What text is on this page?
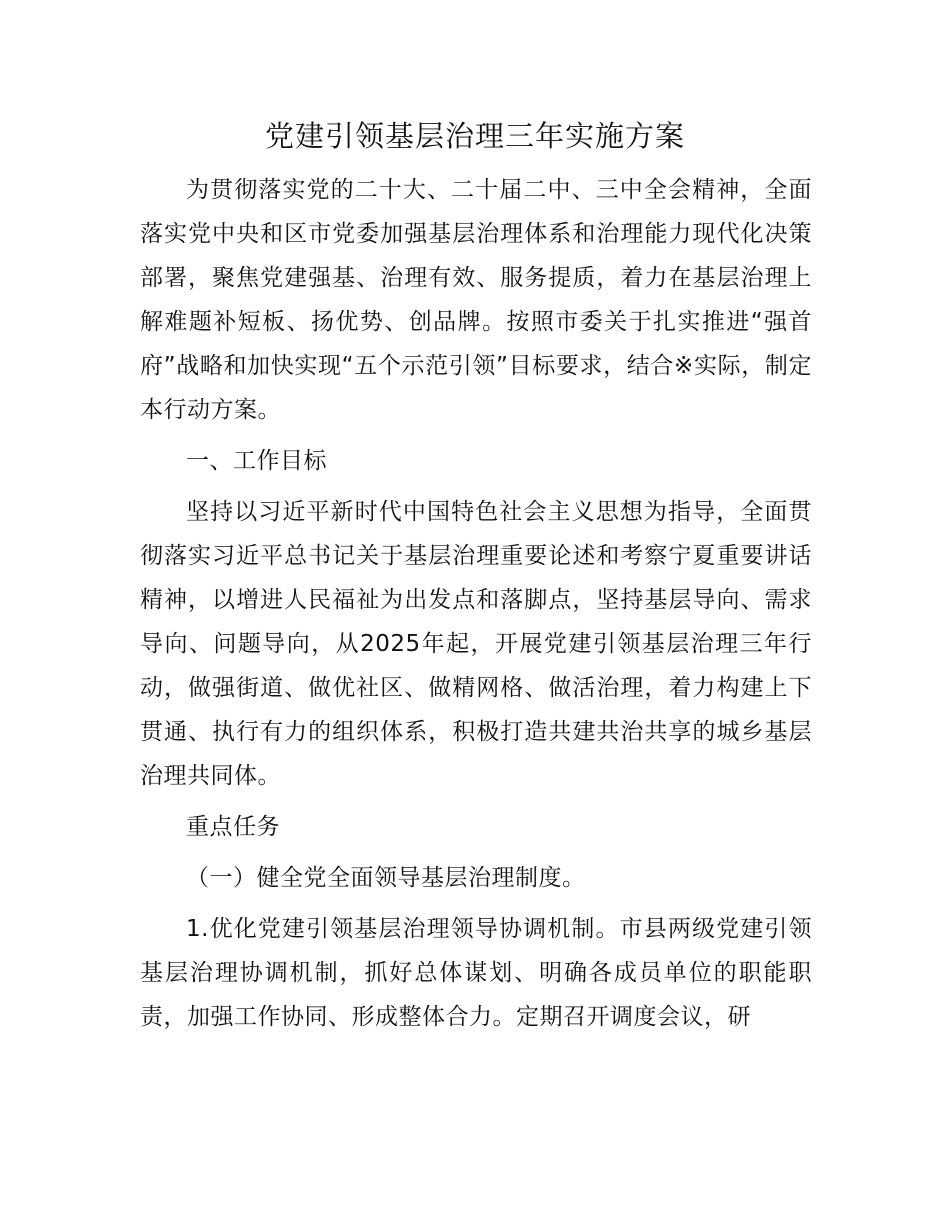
党建引领基层治理三年实施方案

为贯彻落实党的二十大、二十届二中、三中全会精神，全面落实党中央和区市党委加强基层治理体系和治理能力现代化决策部署，聚焦党建强基、治理有效、服务提质，着力在基层治理上解难题补短板、扬优势、创品牌。按照市委关于扎实推进“强首府”战略和加快实现“五个示范引领”目标要求，结合※实际，制定本行动方案。

一、工作目标

坚持以习近平新时代中国特色社会主义思想为指导，全面贯彻落实习近平总书记关于基层治理重要论述和考察宁夏重要讲话精神，以增进人民福祉为出发点和落脚点，坚持基层导向、需求导向、问题导向，从2025年起，开展党建引领基层治理三年行动，做强街道、做优社区、做精网格、做活治理，着力构建上下贯通、执行有力的组织体系，积极打造共建共治共享的城乡基层治理共同体。

重点任务

（一）健全党全面领导基层治理制度。

1.优化党建引领基层治理领导协调机制。市县两级党建引领基层治理协调机制，抓好总体谋划、明确各成员单位的职能职责，加强工作协同、形成整体合力。定期召开调度会议，研
